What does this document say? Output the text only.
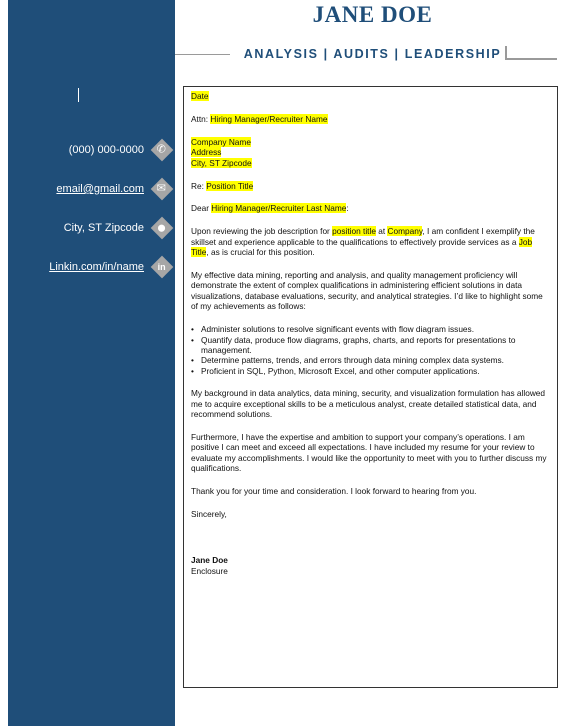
(000) 000-0000 ✆
email@gmail.com ✉
City, ST Zipcode ⬤
Linkin.com/in/name in
JANE DOE
ANALYSIS | AUDITS | LEADERSHIP

Date

Attn: Hiring Manager/Recruiter Name

Company Name
Address
City, ST Zipcode

Re: Position Title

Dear Hiring Manager/Recruiter Last Name:

Upon reviewing the job description for position title at Company, I am confident I exemplify the skillset and experience applicable to the qualifications to effectively provide services as a Job Title, as is crucial for this position.

My effective data mining, reporting and analysis, and quality management proficiency will demonstrate the extent of complex qualifications in administering efficient solutions in data visualizations, database evaluations, security, and analytical strategies. I’d like to highlight some of my achievements as follows:

• Administer solutions to resolve significant events with flow diagram issues.
• Quantify data, produce flow diagrams, graphs, charts, and reports for presentations to management.
• Determine patterns, trends, and errors through data mining complex data systems.
• Proficient in SQL, Python, Microsoft Excel, and other computer applications.

My background in data analytics, data mining, security, and visualization formulation has allowed me to acquire exceptional skills to be a meticulous analyst, create detailed statistical data, and recommend solutions.

Furthermore, I have the expertise and ambition to support your company’s operations. I am positive I can meet and exceed all expectations. I have included my resume for your review to evaluate my accomplishments. I would like the opportunity to meet with you to further discuss my qualifications.

Thank you for your time and consideration. I look forward to hearing from you.

Sincerely,

Jane Doe
Enclosure
